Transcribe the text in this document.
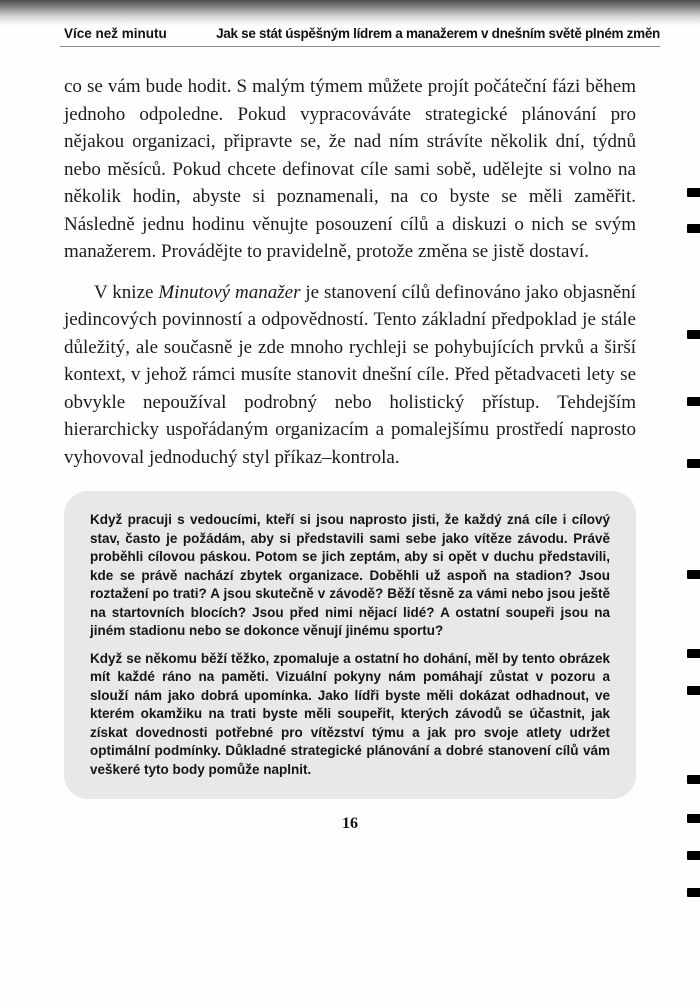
Více než minutu	Jak se stát úspěšným lídrem a manažerem v dnešním světě plném změn

co se vám bude hodit. S malým týmem můžete projít počáteční fázi během jednoho odpoledne. Pokud vypracováváte strategické plánování pro nějakou organizaci, připravte se, že nad ním strávíte několik dní, týdnů nebo měsíců. Pokud chcete definovat cíle sami sobě, udělejte si volno na několik hodin, abyste si poznamenali, na co byste se měli zaměřit. Následně jednu hodinu věnujte posouzení cílů a diskuzi o nich se svým manažerem. Provádějte to pravidelně, protože změna se jistě dostaví.

V knize Minutový manažer je stanovení cílů definováno jako objasnění jedincových povinností a odpovědností. Tento základní předpoklad je stále důležitý, ale současně je zde mnoho rychleji se pohybujících prvků a širší kontext, v jehož rámci musíte stanovit dnešní cíle. Před pětadvaceti lety se obvykle nepoužíval podrobný nebo holistický přístup. Tehdejším hierarchicky uspořádaným organizacím a pomalejšímu prostředí naprosto vyhovoval jednoduchý styl příkaz–kontrola.

Když pracuji s vedoucími, kteří si jsou naprosto jisti, že každý zná cíle i cílový stav, často je požádám, aby si představili sami sebe jako vítěze závodu. Právě proběhli cílovou páskou. Potom se jich zeptám, aby si opět v duchu představili, kde se právě nachází zbytek organizace. Doběhli už aspoň na stadion? Jsou roztažení po trati? A jsou skutečně v závodě? Běží těsně za vámi nebo jsou ještě na startovních blocích? Jsou před nimi nějací lidé? A ostatní soupeři jsou na jiném stadionu nebo se dokonce věnují jinému sportu?

Když se někomu běží těžko, zpomaluje a ostatní ho dohání, měl by tento obrázek mít každé ráno na paměti. Vizuální pokyny nám pomáhají zůstat v pozoru a slouží nám jako dobrá upomínka. Jako lídři byste měli dokázat odhadnout, ve kterém okamžiku na trati byste měli soupeřit, kterých závodů se účastnit, jak získat dovednosti potřebné pro vítězství týmu a jak pro svoje atlety udržet optimální podmínky. Důkladné strategické plánování a dobré stanovení cílů vám veškeré tyto body pomůže naplnit.

16
